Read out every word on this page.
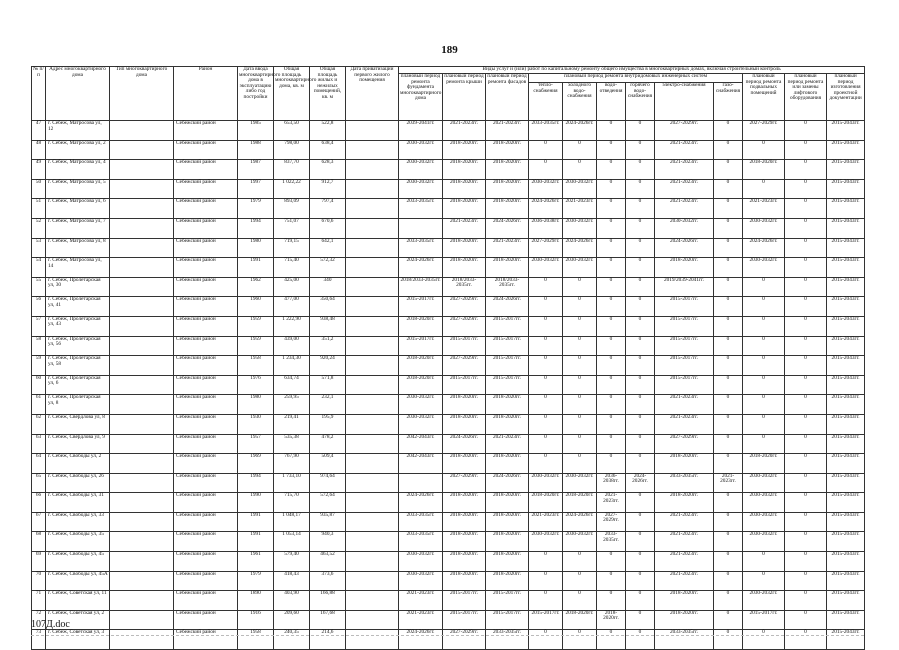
189
№ п/п	Адрес многоквартирного дома	Тип многоквартирного дома	Район	Дата ввода многоквартирного дома в эксплуатацию либо год постройки	Общая площадь многоквартирного дома, кв. м	Общая площадь жилых и нежилых помещений, кв. м	Дата приватизации первого жилого помещения	Виды услуг и (или) работ по капитальному ремонту общего имущества в многоквартирных домах, включая строительный контроль											
								плановый период ремонта фундамента многоквартирного дома	плановый период ремонта крыши	плановый период ремонта фасадов	плановый период ремонта внутридомовых инженерных систем						плановый период ремонта подвальных помещений	плановый период ремонта или замены лифтового оборудования	плановый период изготовления проектной документации
											тепло-снабжения	холодного водо-снабжения	водо-отведения	горячего водо-снабжения	электро-снабжения	газо-снабжения			
47	г. Себеж, Матросова ул, 12		Себежский район	1985	653,50	522,8		2039-2041гг.	2021-2023гг.	2021-2023гг.	2033-2035гг.	2024-2026гг.	0	0	2027-2029гг.	0	2027-2029гг.	0	2015-2043гг.
48	г. Себеж, Матросова ул, 2		Себежский район	1988	798,00	638,4		2030-2032гг.	2018-2020гг.	2018-2020гг.	0	0	0	0	2021-2023гг.	0	0	0	2015-2043гг.
49	г. Себеж, Матросова ул, 4		Себежский район	1987	837,70	628,3		2030-2032гг.	2018-2020гг.	2018-2020гг.	0	0	0	0	2021-2023гг.	0	2018-2020гг.	0	2015-2043гг.
50	г. Себеж, Матросова ул, 5		Себежский район	1997	1 022,22	912,7		2030-2032гг.	2018-2020гг.	2018-2020гг.	2030-2032гг.	2030-2032гг.	0	0	2021-2023гг.	0	0	0	2015-2043гг.
51	г. Себеж, Матросова ул, 6		Себежский район	1979	893,09	797,4		2033-2035гг.	2018-2020гг.	2018-2020гг.	2024-2026гг.	2021-2023гг.	0	0	2021-2023гг.	0	2021-2023гг.	0	2015-2043гг.
52	г. Себеж, Матросова ул, 7		Себежский район	1994	751,07	670,6			2021-2023гг.	2024-2026гг.	2036-2038гг.	2030-2032гг.	0	0	2030-2032гг.	0	2030-2032гг.	0	2015-2043гг.
53	г. Себеж, Матросова ул, 8		Себежский район	1980	719,15	642,1		2033-2035гг.	2018-2020гг.	2021-2023гг.	2027-2029гг.	2024-2026гг.	0	0	2024-2026гг.	0	2024-2026гг.	0	2015-2043гг.
54	г. Себеж, Матросова ул, 14		Себежский район	1991	715,40	572,32		2024-2026гг.	2018-2020гг.	2018-2020гг.	2030-2032гг.	2030-2032гг.	0	0	2018-2020гг.	0	2030-2032гг.	0	2015-2043гг.
55	г. Себеж, Пролетарская ул, 30		Себежский район	1962	425,00	340		2018/2033-2035гг.	2018/2033-2035гг.	2018/2033-2035гг.	0	0	0	0	2019/2039-2041гг.	0	0	0	2015-2043гг.
56	г. Себеж, Пролетарская ул, 41		Себежский район	1960	477,00	350,64		2015-2017гг.	2027-2029гг.	2024-2026гг.	0	0	0	0	2015-2017гг.	0	0	0	2015-2043гг.
57	г. Себеж, Пролетарская ул, 43		Себежский район	1959	1 222,90	938,48		2018-2020гг.	2027-2029гг.	2015-2017гг.	0	0	0	0	2015-2017гг.	0	0	0	2015-2043гг.
58	г. Себеж, Пролетарская ул, 56		Себежский район	1959	439,00	351,2		2015-2017гг.	2015-2017гг.	2015-2017гг.	0	0	0	0	2015-2017гг.	0	0	0	2015-2043гг.
59	г. Себеж, Пролетарская ул, 58		Себежский район	1958	1 234,30	920,24		2018-2020гг.	2027-2029гг.	2015-2017гг.	0	0	0	0	2015-2017гг.	0	0	0	2015-2043гг.
60	г. Себеж, Пролетарская ул, 6		Себежский район	1976	634,74	571,8		2018-2020гг.	2015-2017гг.	2015-2017гг.	0	0	0	0	2015-2017гг.	0	0	0	2015-2043гг.
61	г. Себеж, Пролетарская ул, 8		Себежский район	1980	259,95	232,1		2030-2032гг.	2018-2020гг.	2018-2020гг.	0	0	0	0	2021-2023гг.	0	0	0	2015-2043гг.
62	г. Себеж, Свердлова ул, 8		Себежский район	1930	219,41	195,9		2030-2032гг.	2018-2020гг.	2018-2020гг.	0	0	0	0	2021-2023гг.	0	0	0	2015-2043гг.
63	г. Себеж, Свердлова ул, 9		Себежский район	1957	535,38	478,2		2042-2043гг.	2024-2026гг.	2021-2023гг.	0	0	0	0	2027-2029гг.	0	0	0	2015-2043гг.
64	г. Себеж, Свободы ул, 2		Себежский район	1969	767,90	509,4		2042-2043гг.	2018-2020гг.	2018-2020гг.	0	0	0	0	2018-2020гг.	0	2018-2020гг.	0	2015-2043гг.
65	г. Себеж, Свободы ул, 26		Себежский район	1994	1 733,10	974,64			2027-2029гг.	2024-2026гг.	2030-2032гг.	2030-2032гг.	2036-2038гг.	2024-2026гг.	2033-2035гг.	2021-2023гг.	2030-2032гг.	0	2015-2043гг.
66	г. Себеж, Свободы ул, 31		Себежский район	1990	715,70	572,64		2024-2026гг.	2018-2020гг.	2018-2020гг.	2018-2020гг.	2018-2020гг.	2021-2023гг.	0	2018-2020гг.	0	2030-2032гг.	0	2015-2043гг.
67	г. Себеж, Свободы ул, 33		Себежский район	1991	1 048,17	935,87		2033-2035гг.	2018-2020гг.	2018-2020гг.	2021-2023гг.	2024-2026гг.	2027-2029гг.	0	2021-2023гг.	0	2030-2032гг.	0	2015-2043гг.
68	г. Себеж, Свободы ул, 35		Себежский район	1991	1 053,14	940,3		2033-2035гг.	2018-2020гг.	2018-2020гг.	2030-2032гг.	2030-2032гг.	2033-2035гг.	0	2021-2023гг.	0	2030-2032гг.	0	2015-2043гг.
69	г. Себеж, Свободы ул, 45		Себежский район	1961	579,40	463,52		2030-2032гг.	2018-2020гг.	2018-2020гг.	0	0	0	0	2021-2023гг.	0	0	0	2015-2043гг.
70	г. Себеж, Свободы ул, 45А		Себежский район	1979	418,43	373,6		2030-2032гг.	2018-2020гг.	2018-2020гг.	0	0	0	0	2021-2023гг.	0	0	0	2015-2043гг.
71	г. Себеж, Советская ул, 11		Себежский район	1890	403,90	166,88		2021-2023гг.	2015-2017гг.	2015-2017гг.	0	0	0	0	2018-2020гг.	0	2030-2032гг.	0	2015-2043гг.
72	г. Себеж, Советская ул, 2		Себежский район	1916	209,60	167,68		2021-2023гг.	2015-2017гг.	2015-2017гг.	2015-2017гг.	2018-2020гг.	2018-2020гг.	0	2018-2020гг.	0	2015-2017гг.	0	2015-2043гг.
73	г. Себеж, Советская ул, 3		Себежский район	1958	240,35	214,6		2024-2026гг.	2027-2029гг.	2033-2035гг.	0	0	0	0	2033-2035гг.	0	0	0	2015-2043гг.
107Д.doc
